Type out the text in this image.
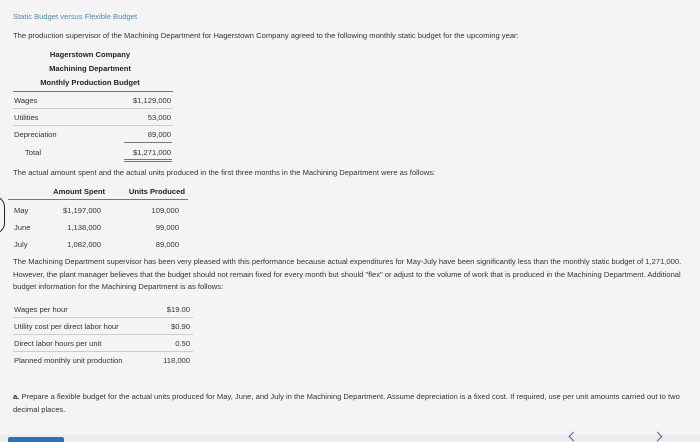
Static Budget versus Flexible Budget
The production supervisor of the Machining Department for Hagerstown Company agreed to the following monthly static budget for the upcoming year:
Hagerstown Company
Machining Department
Monthly Production Budget
Wages	$1,129,000
Utilities	53,000
Depreciation	89,000
Total	$1,271,000
The actual amount spent and the actual units produced in the first three months in the Machining Department were as follows:
Amount Spent	Units Produced
May	$1,197,000	109,000
June	1,138,000	99,000
July	1,082,000	89,000
The Machining Department supervisor has been very pleased with this performance because actual expenditures for May-July have been significantly less than the monthly static budget of 1,271,000. However, the plant manager believes that the budget should not remain fixed for every month but should "flex" or adjust to the volume of work that is produced in the Machining Department. Additional budget information for the Machining Department is as follows:
Wages per hour	$19.00
Utility cost per direct labor hour	$0.90
Direct labor hours per unit	0.50
Planned monthly unit production	118,000
a. Prepare a flexible budget for the actual units produced for May, June, and July in the Machining Department. Assume depreciation is a fixed cost. If required, use per unit amounts carried out to two decimal places.
